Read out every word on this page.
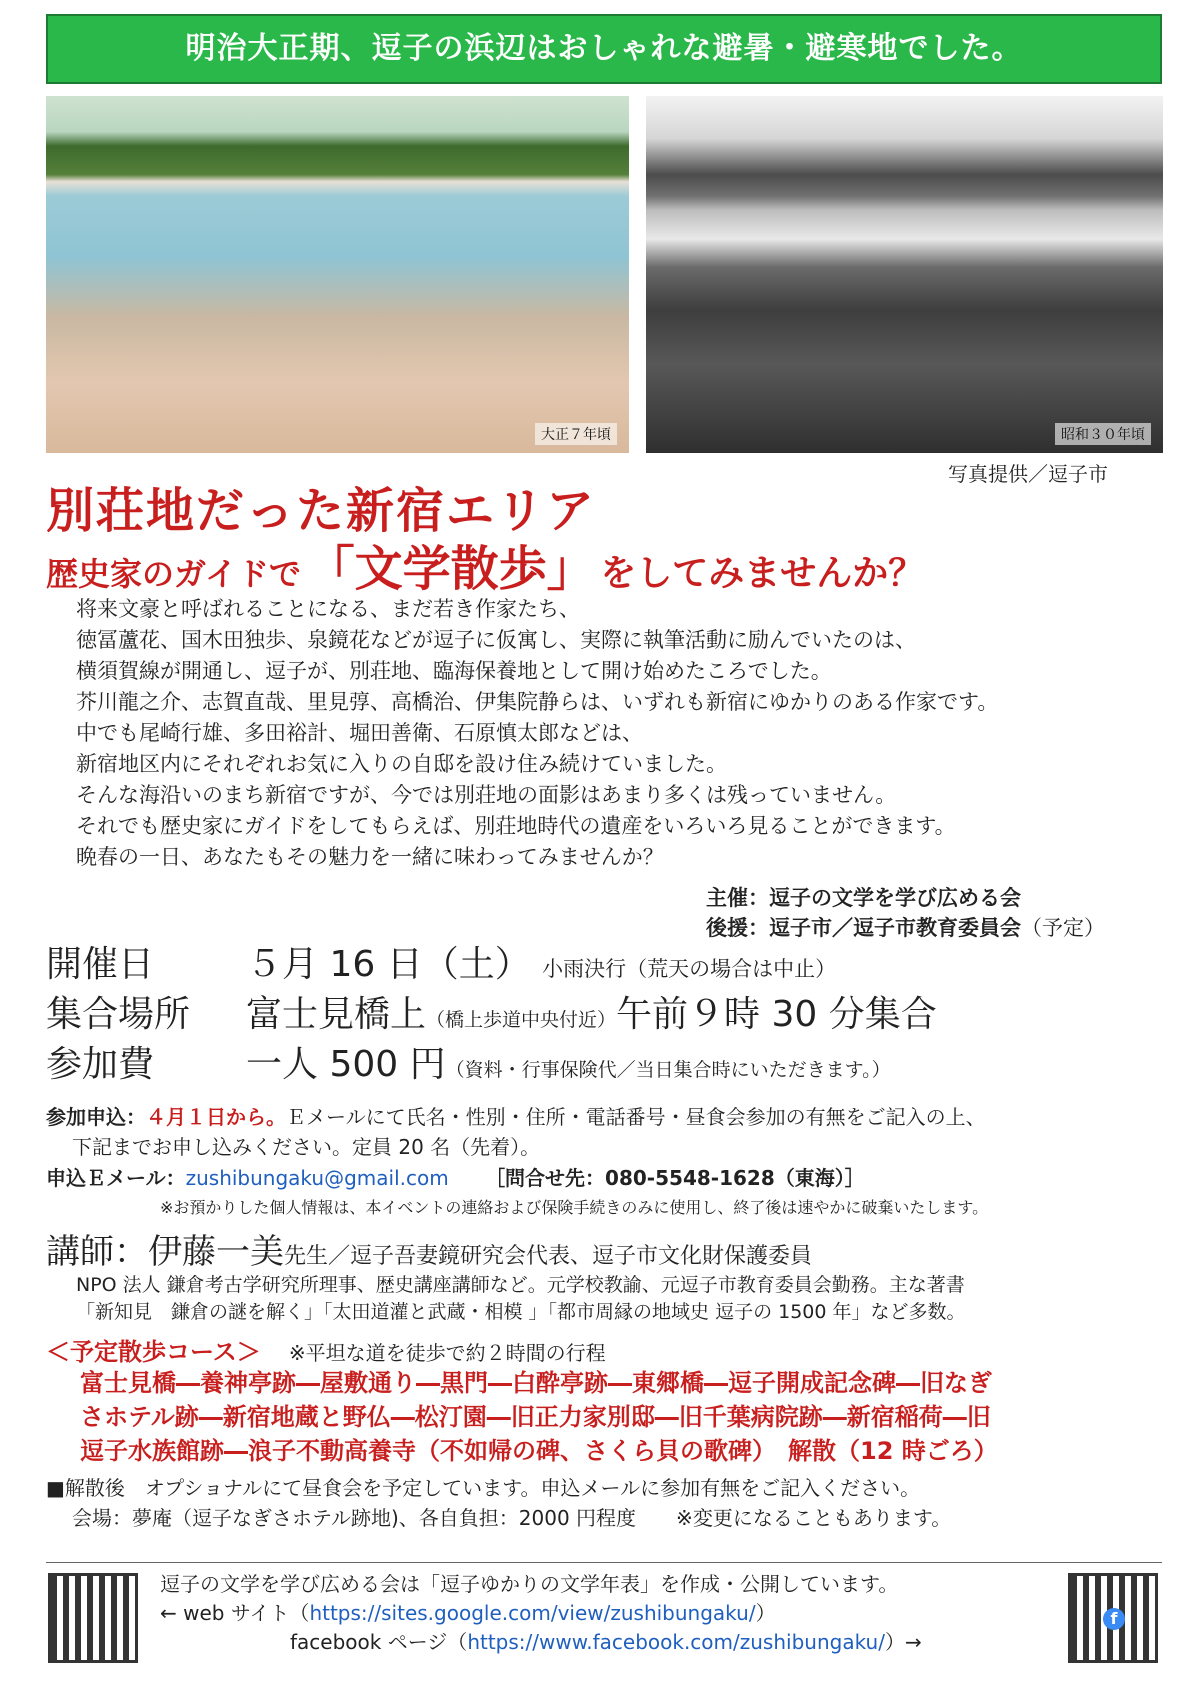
明治大正期、逗子の浜辺はおしゃれな避暑・避寒地でした。
大正７年頃	昭和３０年頃
写真提供／逗子市
別荘地だった新宿エリア
歴史家のガイドで 「文学散歩」 をしてみませんか？
将来文豪と呼ばれることになる、まだ若き作家たち、
徳冨蘆花、国木田独歩、泉鏡花などが逗子に仮寓し、実際に執筆活動に励んでいたのは、
横須賀線が開通し、逗子が、別荘地、臨海保養地として開け始めたころでした。
芥川龍之介、志賀直哉、里見弴、高橋治、伊集院静らは、いずれも新宿にゆかりのある作家です。
中でも尾崎行雄、多田裕計、堀田善衛、石原慎太郎などは、
新宿地区内にそれぞれお気に入りの自邸を設け住み続けていました。
そんな海沿いのまち新宿ですが、今では別荘地の面影はあまり多くは残っていません。
それでも歴史家にガイドをしてもらえば、別荘地時代の遺産をいろいろ見ることができます。
晩春の一日、あなたもその魅力を一緒に味わってみませんか？
主催：逗子の文学を学び広める会
後援：逗子市／逗子市教育委員会（予定）
開催日	５月 16 日（土） 小雨決行（荒天の場合は中止）
集合場所 富士見橋上（橋上歩道中央付近）午前９時 30 分集合
参加費	一人 500 円（資料・行事保険代／当日集合時にいただきます。）
参加申込：４月１日から。Ｅメールにて氏名・性別・住所・電話番号・昼食会参加の有無をご記入の上、
下記までお申し込みください。定員 20 名（先着）。
申込Ｅメール：zushibungaku@gmail.com ［問合せ先：080-5548-1628（東海）］
※お預かりした個人情報は、本イベントの連絡および保険手続きのみに使用し、終了後は速やかに破棄いたします。
講師：伊藤一美先生／逗子吾妻鏡研究会代表、逗子市文化財保護委員
NPO 法人 鎌倉考古学研究所理事、歴史講座講師など。元学校教諭、元逗子市教育委員会勤務。主な著書
「新知見　鎌倉の謎を解く」「太田道灌と武蔵・相模 」「都市周縁の地域史 逗子の 1500 年」など多数。
＜予定散歩コース＞ ※平坦な道を徒歩で約２時間の行程
富士見橋―養神亭跡―屋敷通り―黒門―白酔亭跡―東郷橋―逗子開成記念碑―旧なぎ
さホテル跡―新宿地蔵と野仏―松汀園―旧正力家別邸―旧千葉病院跡―新宿稲荷―旧
逗子水族館跡―浪子不動高養寺（不如帰の碑、さくら貝の歌碑）　解散（12 時ごろ）
■解散後　オプショナルにて昼食会を予定しています。申込メールに参加有無をご記入ください。
会場：夢庵（逗子なぎさホテル跡地)、各自負担：2000 円程度　　※変更になることもあります。
逗子の文学を学び広める会は「逗子ゆかりの文学年表」を作成・公開しています。
← web サイト（https://sites.google.com/view/zushibungaku/）
facebook ページ（https://www.facebook.com/zushibungaku/）→
f
